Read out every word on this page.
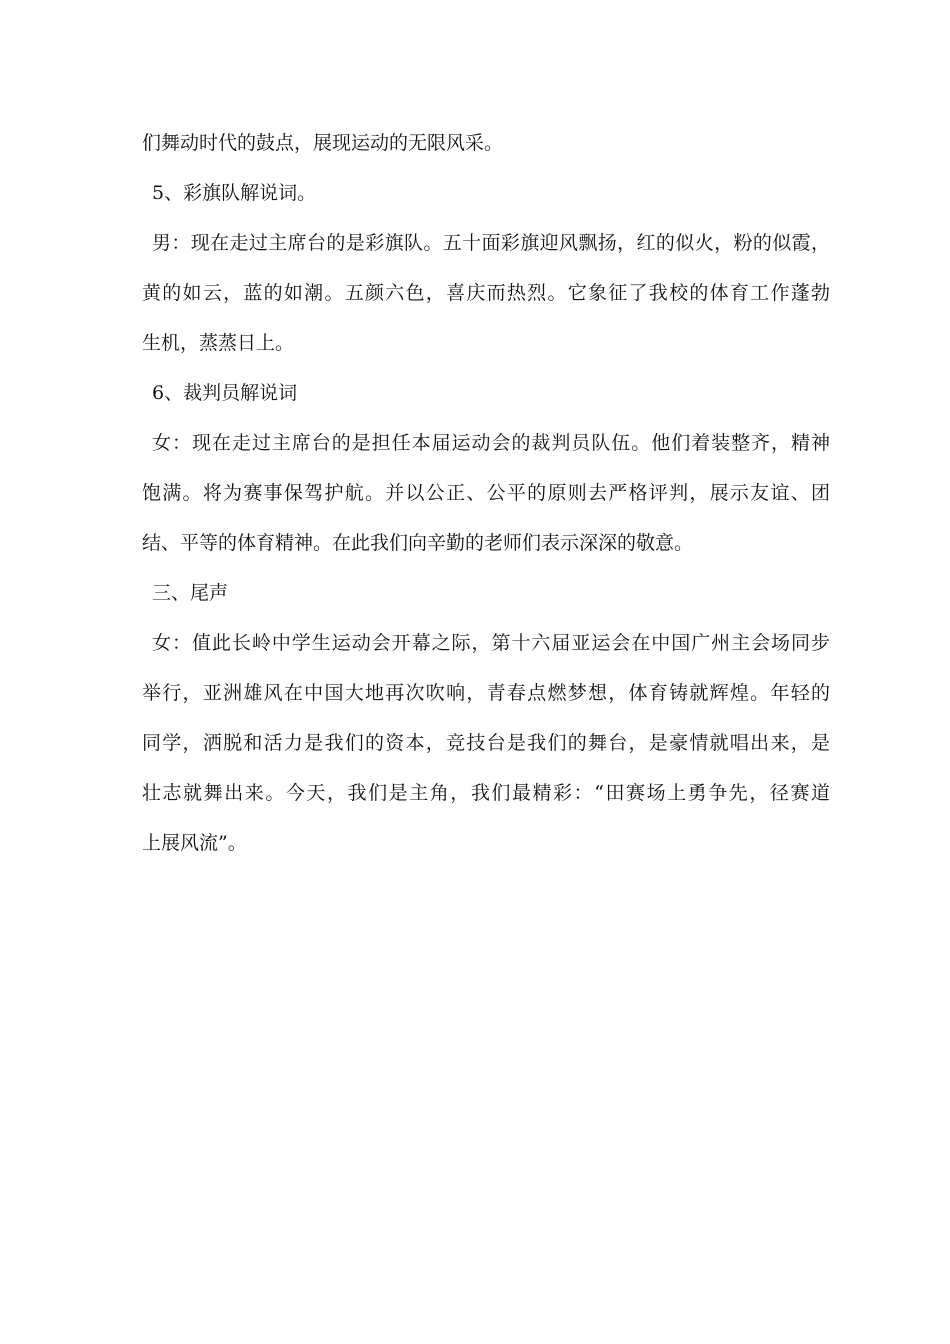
们舞动时代的鼓点，展现运动的无限风采。
5、彩旗队解说词。
男：现在走过主席台的是彩旗队。五十面彩旗迎风飘扬，红的似火，粉的似霞，
黄的如云，蓝的如潮。五颜六色，喜庆而热烈。它象征了我校的体育工作蓬勃
生机，蒸蒸日上。
6、裁判员解说词
女：现在走过主席台的是担任本届运动会的裁判员队伍。他们着装整齐，精神
饱满。将为赛事保驾护航。并以公正、公平的原则去严格评判，展示友谊、团
结、平等的体育精神。在此我们向辛勤的老师们表示深深的敬意。
三、尾声
女：值此长岭中学生运动会开幕之际，第十六届亚运会在中国广州主会场同步
举行，亚洲雄风在中国大地再次吹响，青春点燃梦想，体育铸就辉煌。年轻的
同学，洒脱和活力是我们的资本，竞技台是我们的舞台，是豪情就唱出来，是
壮志就舞出来。今天，我们是主角，我们最精彩：“田赛场上勇争先，径赛道
上展风流”。
